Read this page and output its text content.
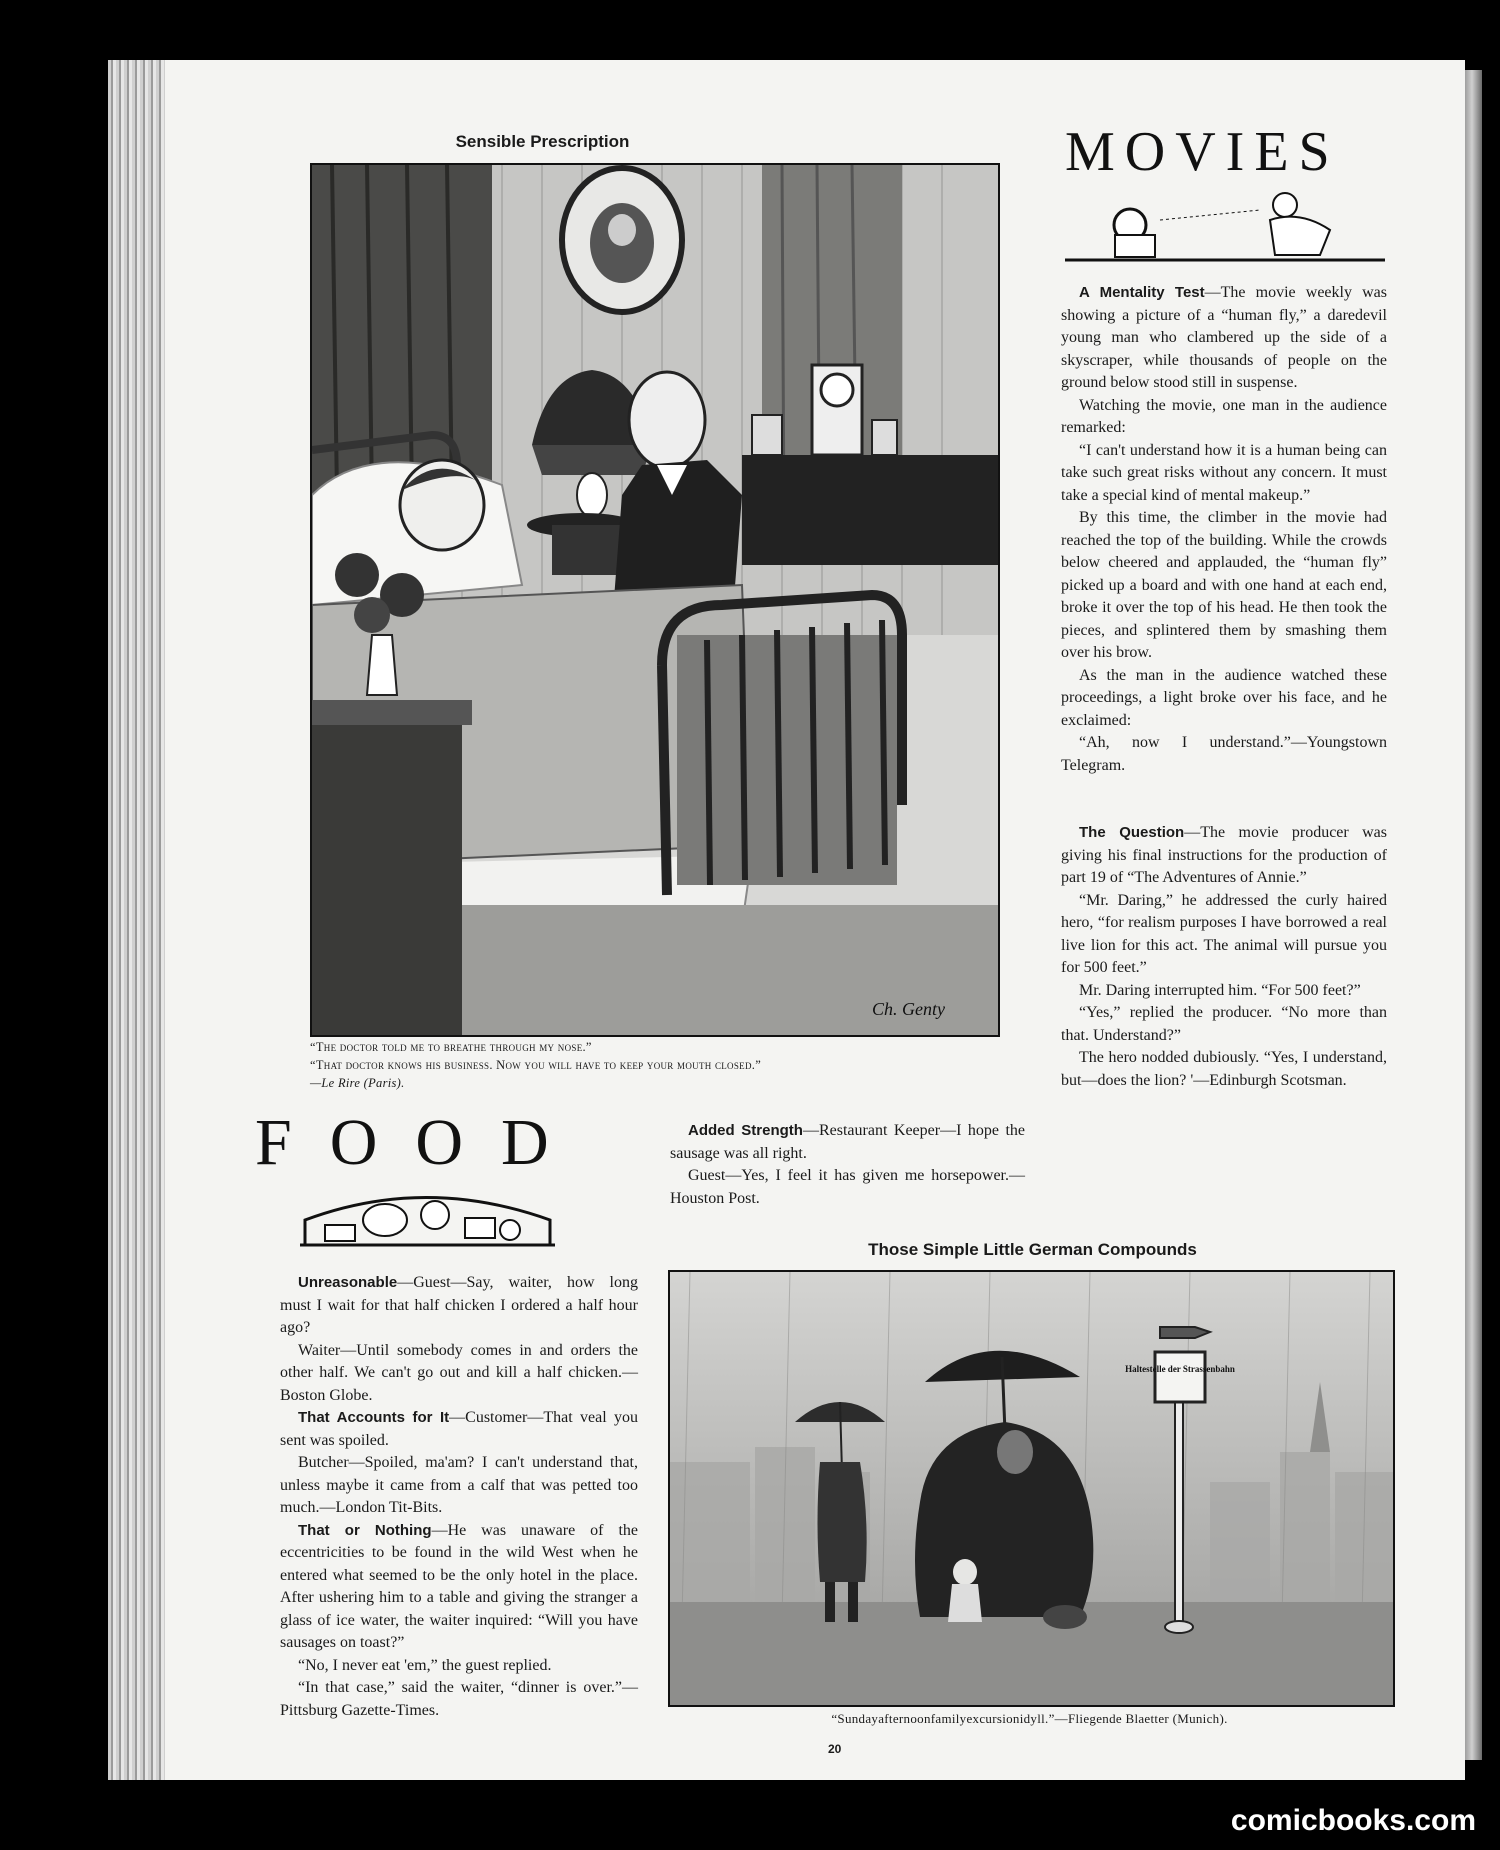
Sensible Prescription
Ch. Genty
“The doctor told me to breathe through my nose.”
“That doctor knows his business. Now you will have to keep your mouth closed.”
—Le Rire (Paris).
MOVIES

A Mentality Test—The movie weekly was showing a picture of a “human fly,” a daredevil young man who clambered up the side of a skyscraper, while thousands of people on the ground below stood still in suspense.

Watching the movie, one man in the audience remarked:

“I can't understand how it is a human being can take such great risks without any concern. It must take a special kind of mental makeup.”

By this time, the climber in the movie had reached the top of the building. While the crowds below cheered and applauded, the “human fly” picked up a board and with one hand at each end, broke it over the top of his head. He then took the pieces, and splintered them by smashing them over his brow.

As the man in the audience watched these proceedings, a light broke over his face, and he exclaimed:

“Ah, now I understand.”—Youngstown Telegram.

The Question—The movie producer was giving his final instructions for the production of part 19 of “The Adventures of Annie.”

“Mr. Daring,” he addressed the curly haired hero, “for realism purposes I have borrowed a real live lion for this act. The animal will pursue you for 500 feet.”

Mr. Daring interrupted him. “For 500 feet?”

“Yes,” replied the producer. “No more than that. Understand?”

The hero nodded dubiously. “Yes, I understand, but—does the lion? '—Edinburgh Scotsman.

FOOD

Unreasonable—Guest—Say, waiter, how long must I wait for that half chicken I ordered a half hour ago?

Waiter—Until somebody comes in and orders the other half. We can't go out and kill a half chicken.—Boston Globe.

That Accounts for It—Customer—That veal you sent was spoiled.

Butcher—Spoiled, ma'am? I can't understand that, unless maybe it came from a calf that was petted too much.—London Tit-Bits.

That or Nothing—He was unaware of the eccentricities to be found in the wild West when he entered what seemed to be the only hotel in the place. After ushering him to a table and giving the stranger a glass of ice water, the waiter inquired: “Will you have sausages on toast?”

“No, I never eat 'em,” the guest replied.

“In that case,” said the waiter, “dinner is over.”—Pittsburg Gazette-Times.

Added Strength—Restaurant Keeper—I hope the sausage was all right.

Guest—Yes, I feel it has given me horsepower.—Houston Post.

Those Simple Little German Compounds
Haltestelle der Strassenbahn
“Sundayafternoonfamilyexcursionidyll.”—Fliegende Blaetter (Munich).
20
comicbooks.com
